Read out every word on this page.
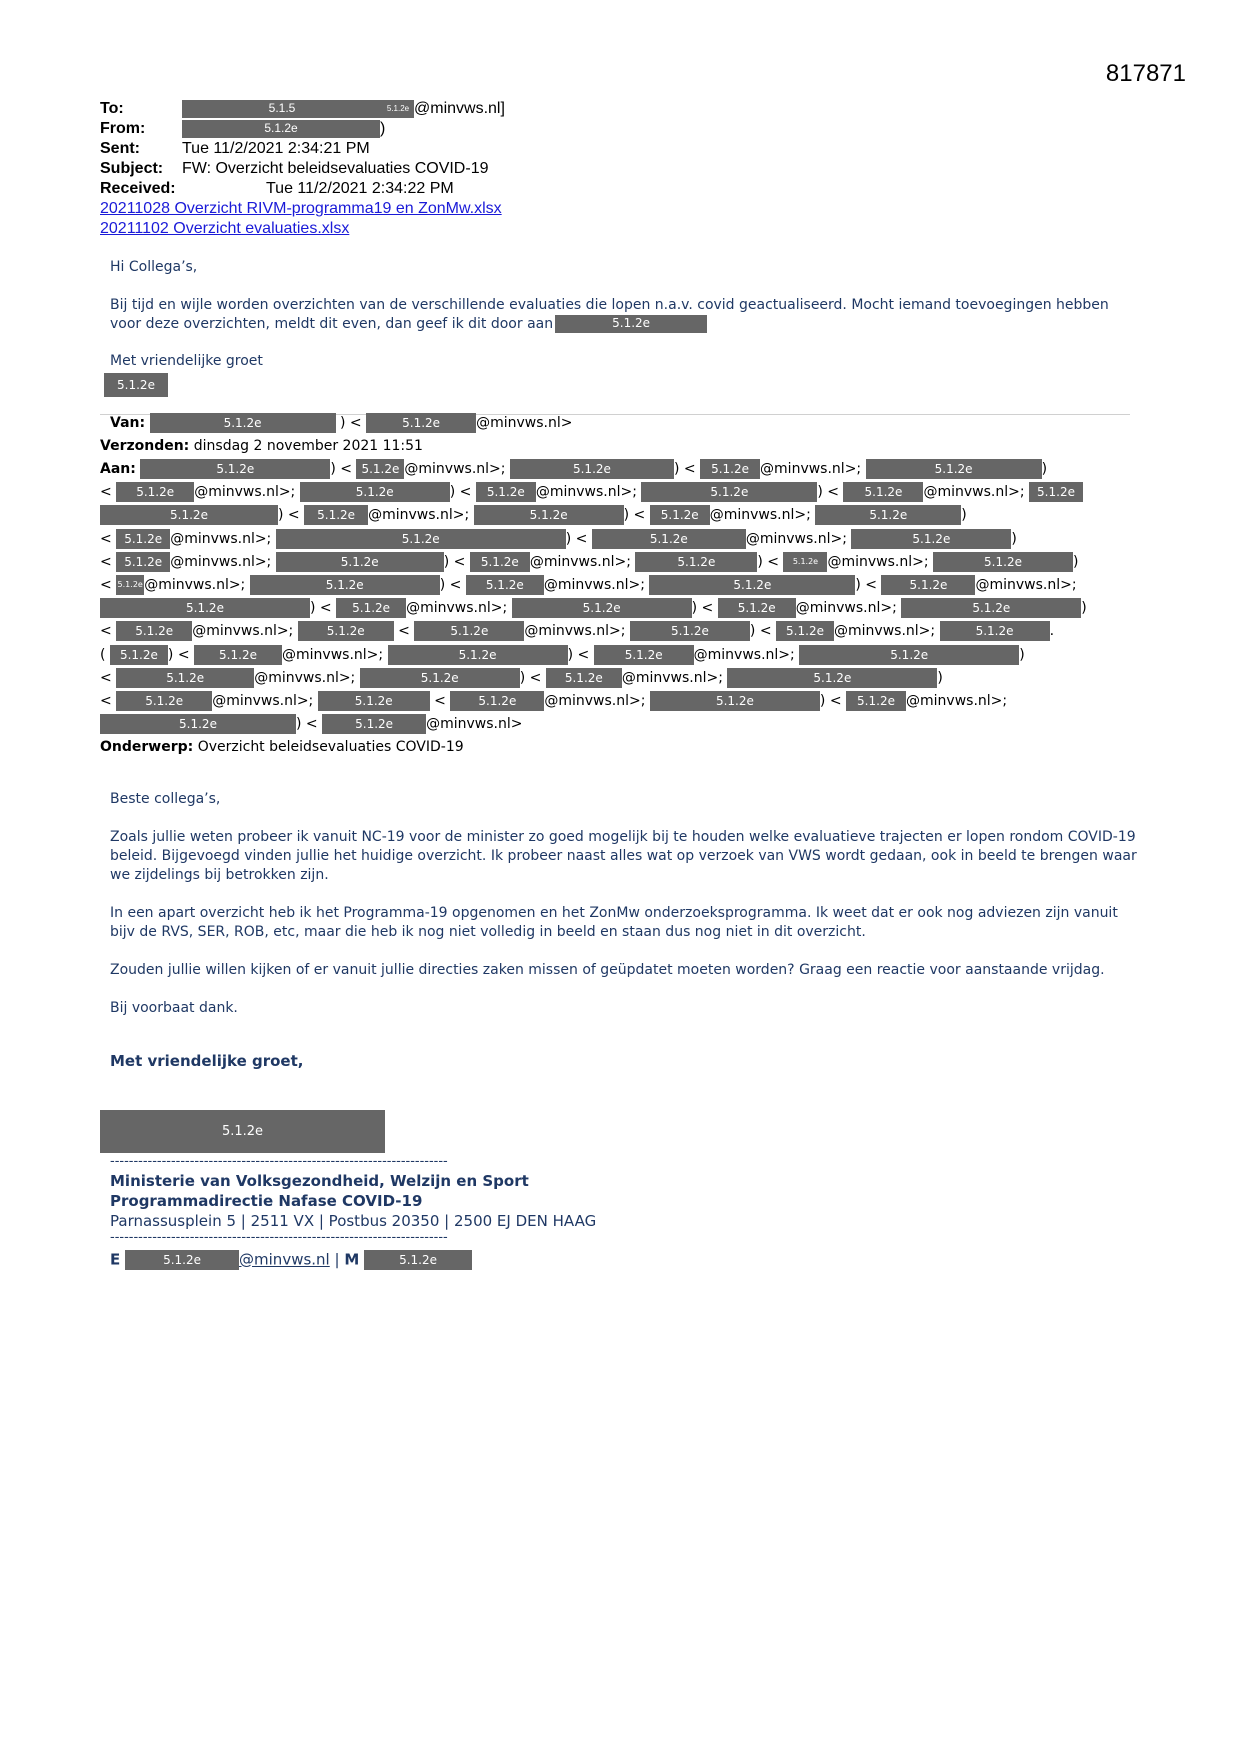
817871
To:	5.1.5	5.1.2e @minvws.nl]
From:	5.1.2e	)
Sent:	Tue 11/2/2021 2:34:21 PM
Subject: FW: Overzicht beleidsevaluaties COVID-19
Received:	Tue 11/2/2021 2:34:22 PM
20211028 Overzicht RIVM-programma19 en ZonMw.xlsx
20211102 Overzicht evaluaties.xlsx

Hi Collega’s,

Bij tijd en wijle worden overzichten van de verschillende evaluaties die lopen n.a.v. covid geactualiseerd. Mocht iemand toevoegingen hebben voor deze overzichten, meldt dit even, dan geef ik dit door aan	5.1.2e

Met vriendelijke groet
5.1.2e
Van:	5.1.2e	) <	5.1.2e	@minvws.nl>
Verzonden: dinsdag 2 november 2021 11:51
Aan:	5.1.2e	) < 5.1.2e @minvws.nl>;	5.1.2e	) < 5.1.2e @minvws.nl>;	5.1.2e	)
< 5.1.2e @minvws.nl>;	5.1.2e	) < 5.1.2e @minvws.nl>;	5.1.2e	) < 5.1.2e @minvws.nl>; 5.1.2e
5.1.2e	) < 5.1.2e @minvws.nl>;	5.1.2e	) < 5.1.2e @minvws.nl>;	5.1.2e	)
< 5.1.2e @minvws.nl>;	5.1.2e	) <	5.1.2e	@minvws.nl>;	5.1.2e	)
< 5.1.2e @minvws.nl>;	5.1.2e	) < 5.1.2e @minvws.nl>;	5.1.2e	) < 5.1.2e @minvws.nl>;	5.1.2e	)
< 5.1.2e@minvws.nl>;	5.1.2e	) < 5.1.2e @minvws.nl>;	5.1.2e	) < 5.1.2e @minvws.nl>;
5.1.2e	) < 5.1.2e @minvws.nl>;	5.1.2e	) < 5.1.2e @minvws.nl>;	5.1.2e	)
< 5.1.2e @minvws.nl>;	5.1.2e <	5.1.2e	@minvws.nl>;	5.1.2e	) < 5.1.2e @minvws.nl>;	5.1.2e	.
( 5.1.2e ) < 5.1.2e @minvws.nl>;	5.1.2e	) <	5.1.2e @minvws.nl>;	5.1.2e	)
<	5.1.2e	@minvws.nl>;	5.1.2e	) < 5.1.2e @minvws.nl>;	5.1.2e	)
< 5.1.2e @minvws.nl>;	5.1.2e	< 5.1.2e @minvws.nl>;	5.1.2e	) < 5.1.2e @minvws.nl>;
5.1.2e	) <	5.1.2e @minvws.nl>
Onderwerp: Overzicht beleidsevaluaties COVID-19

Beste collega’s,

Zoals jullie weten probeer ik vanuit NC-19 voor de minister zo goed mogelijk bij te houden welke evaluatieve trajecten er lopen rondom COVID-19 beleid. Bijgevoegd vinden jullie het huidige overzicht. Ik probeer naast alles wat op verzoek van VWS wordt gedaan, ook in beeld te brengen waar we zijdelings bij betrokken zijn.

In een apart overzicht heb ik het Programma-19 opgenomen en het ZonMw onderzoeksprogramma. Ik weet dat er ook nog adviezen zijn vanuit bijv de RVS, SER, ROB, etc, maar die heb ik nog niet volledig in beeld en staan dus nog niet in dit overzicht.

Zouden jullie willen kijken of er vanuit jullie directies zaken missen of geüpdatet moeten worden? Graag een reactie voor aanstaande vrijdag.

Bij voorbaat dank.

Met vriendelijke groet,

5.1.2e
------------------------------------------------------------------------
Ministerie van Volksgezondheid, Welzijn en Sport
Programmadirectie Nafase COVID-19
Parnassusplein 5 | 2511 VX | Postbus 20350 | 2500 EJ DEN HAAG
------------------------------------------------------------------------
E	5.1.2e	@minvws.nl | M	5.1.2e
